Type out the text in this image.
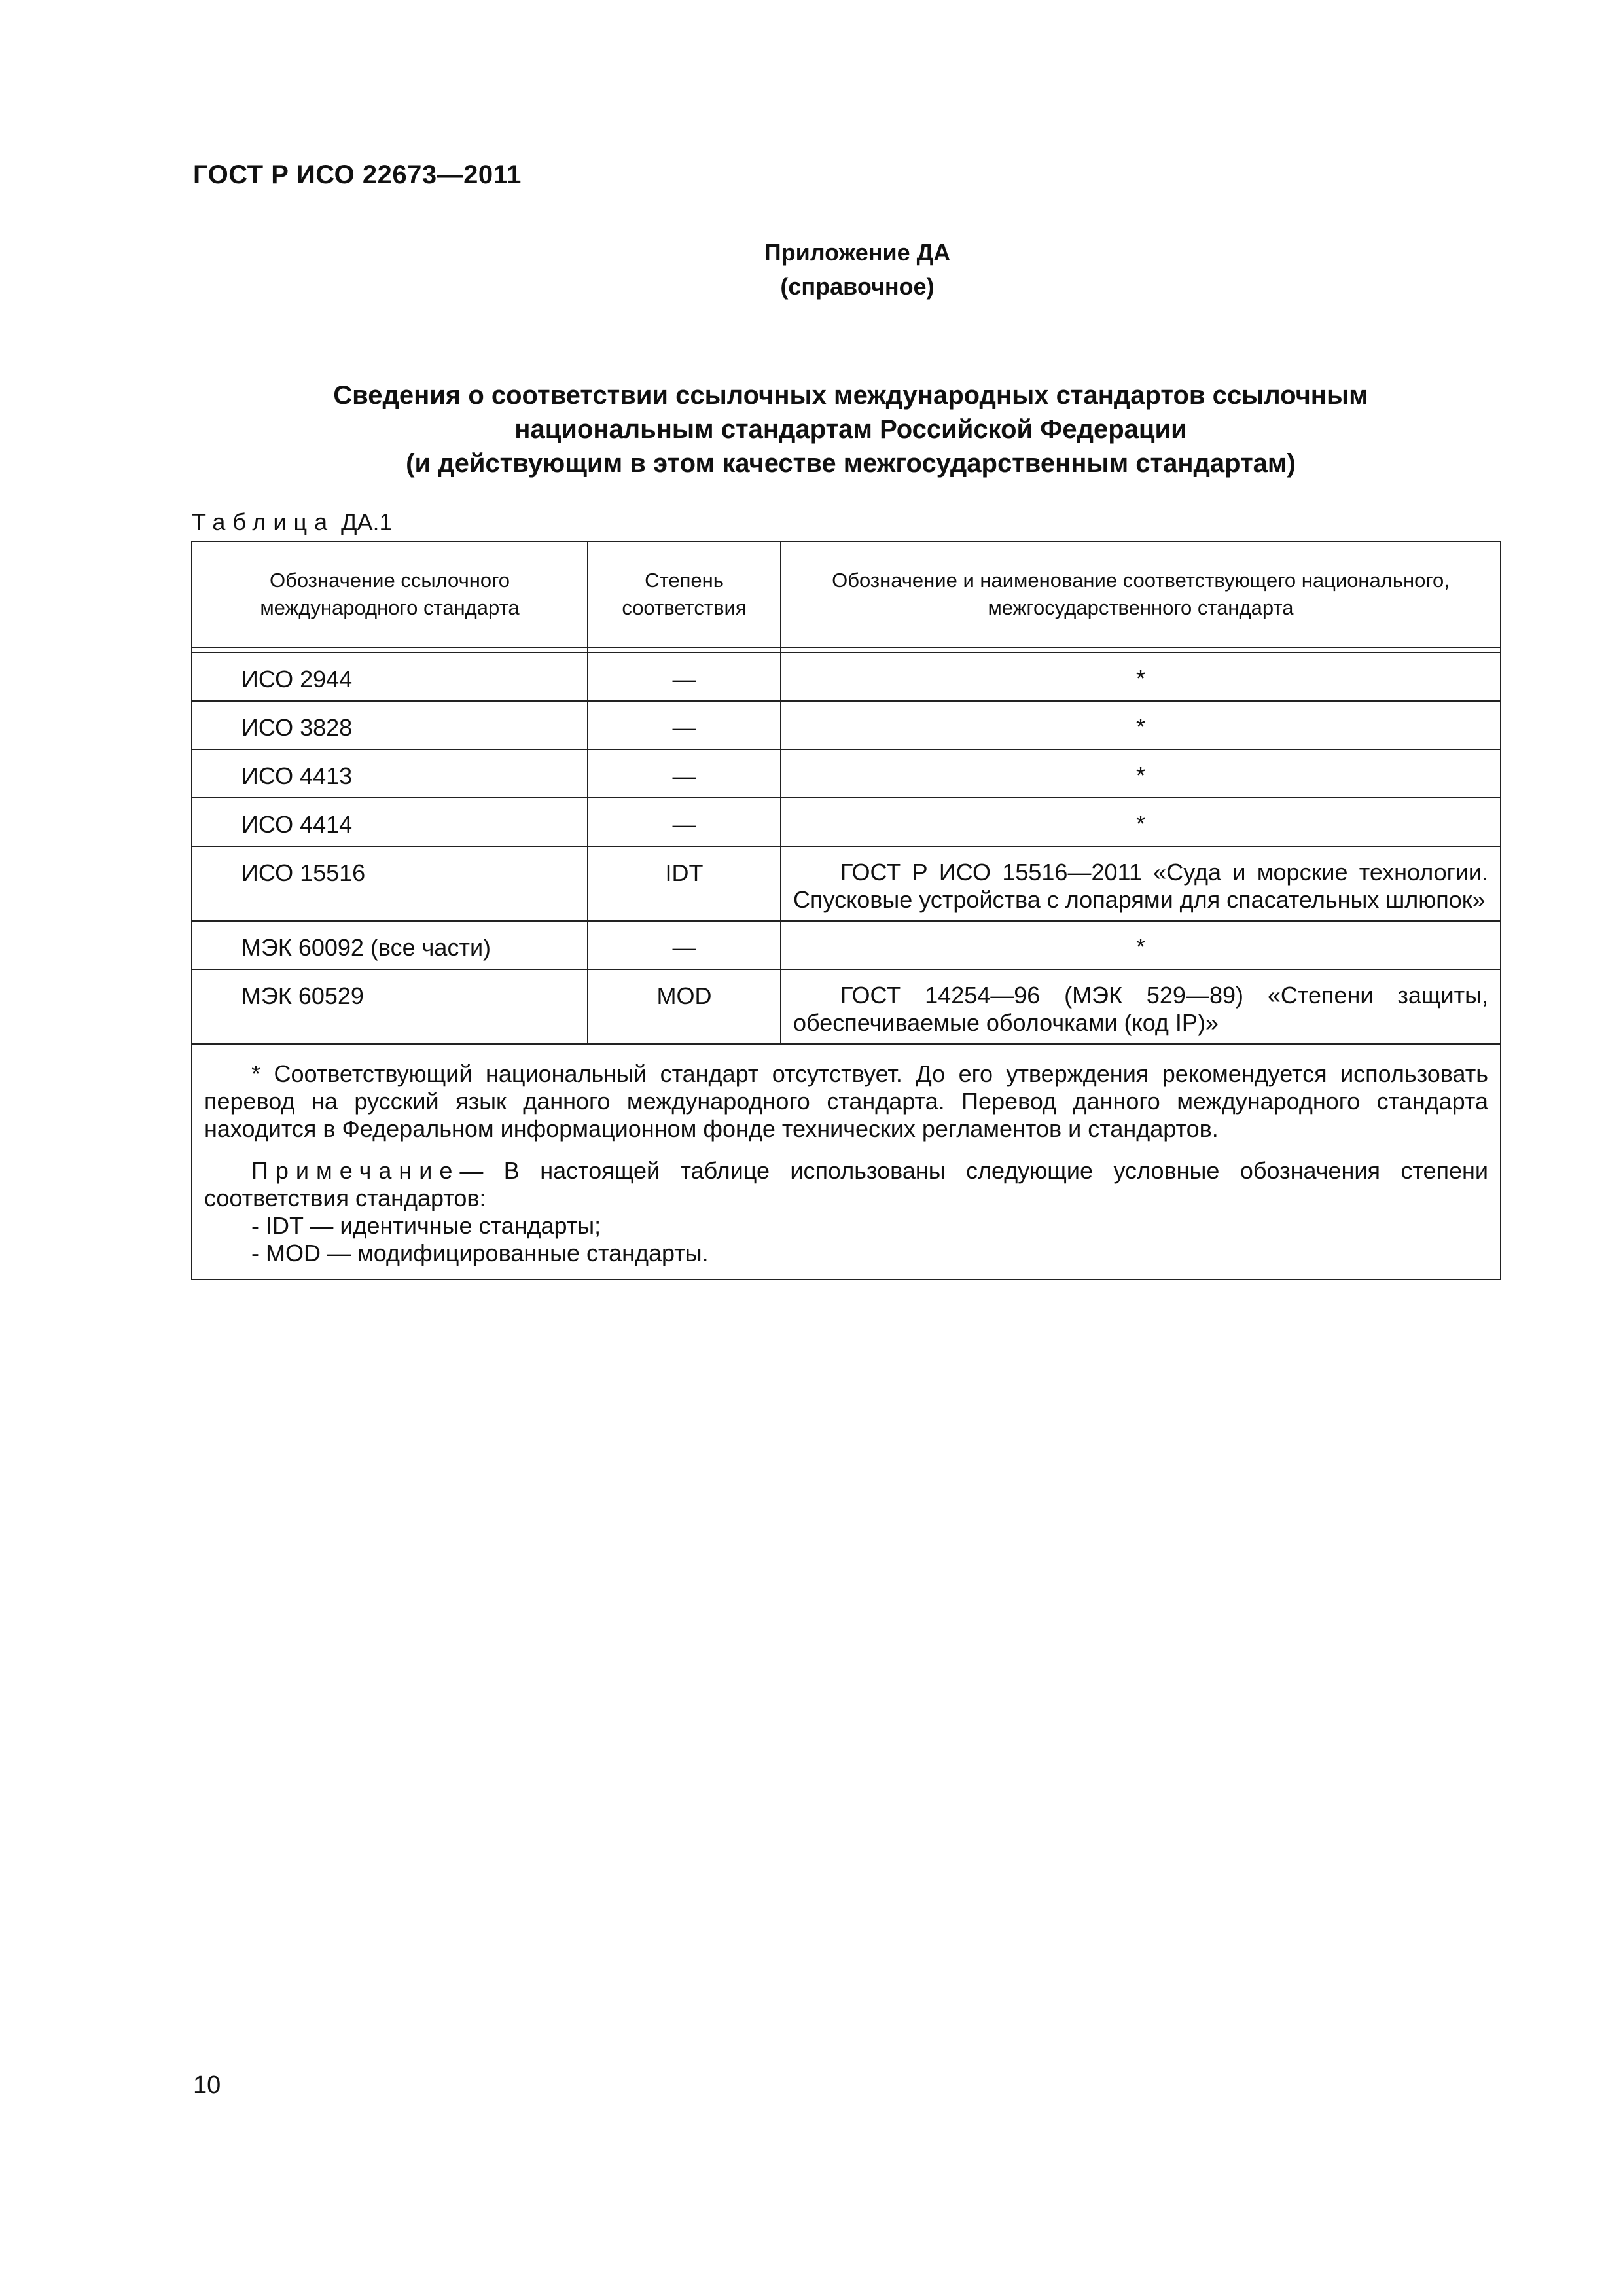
ГОСТ Р ИСО 22673—2011
Приложение ДА
(справочное)
Сведения о соответствии ссылочных международных стандартов ссылочным
национальным стандартам Российской Федерации
(и действующим в этом качестве межгосударственным стандартам)
Таблица ДА.1
Обозначение ссылочного международного стандарта	Степень соответствия	Обозначение и наименование соответствующего национального, межгосударственного стандарта

ИСО 2944	—	*
ИСО 3828	—	*
ИСО 4413	—	*
ИСО 4414	—	*
ИСО 15516	IDT	ГОСТ Р ИСО 15516—2011 «Суда и морские технологии. Спусковые устройства с лопарями для спасательных шлюпок»
МЭК 60092 (все части)	—	*
МЭК 60529	MOD	ГОСТ 14254—96 (МЭК 529—89) «Степени защиты, обеспечиваемые оболочками (код IP)»

* Соответствующий национальный стандарт отсутствует. До его утверждения рекомендуется использовать перевод на русский язык данного международного стандарта. Перевод данного международного стандарта находится в Федеральном информационном фонде технических регламентов и стандартов.
Примечание— В настоящей таблице использованы следующие условные обозначения степени соответствия стандартов:
- IDT — идентичные стандарты;
- MOD — модифицированные стандарты.		
10
